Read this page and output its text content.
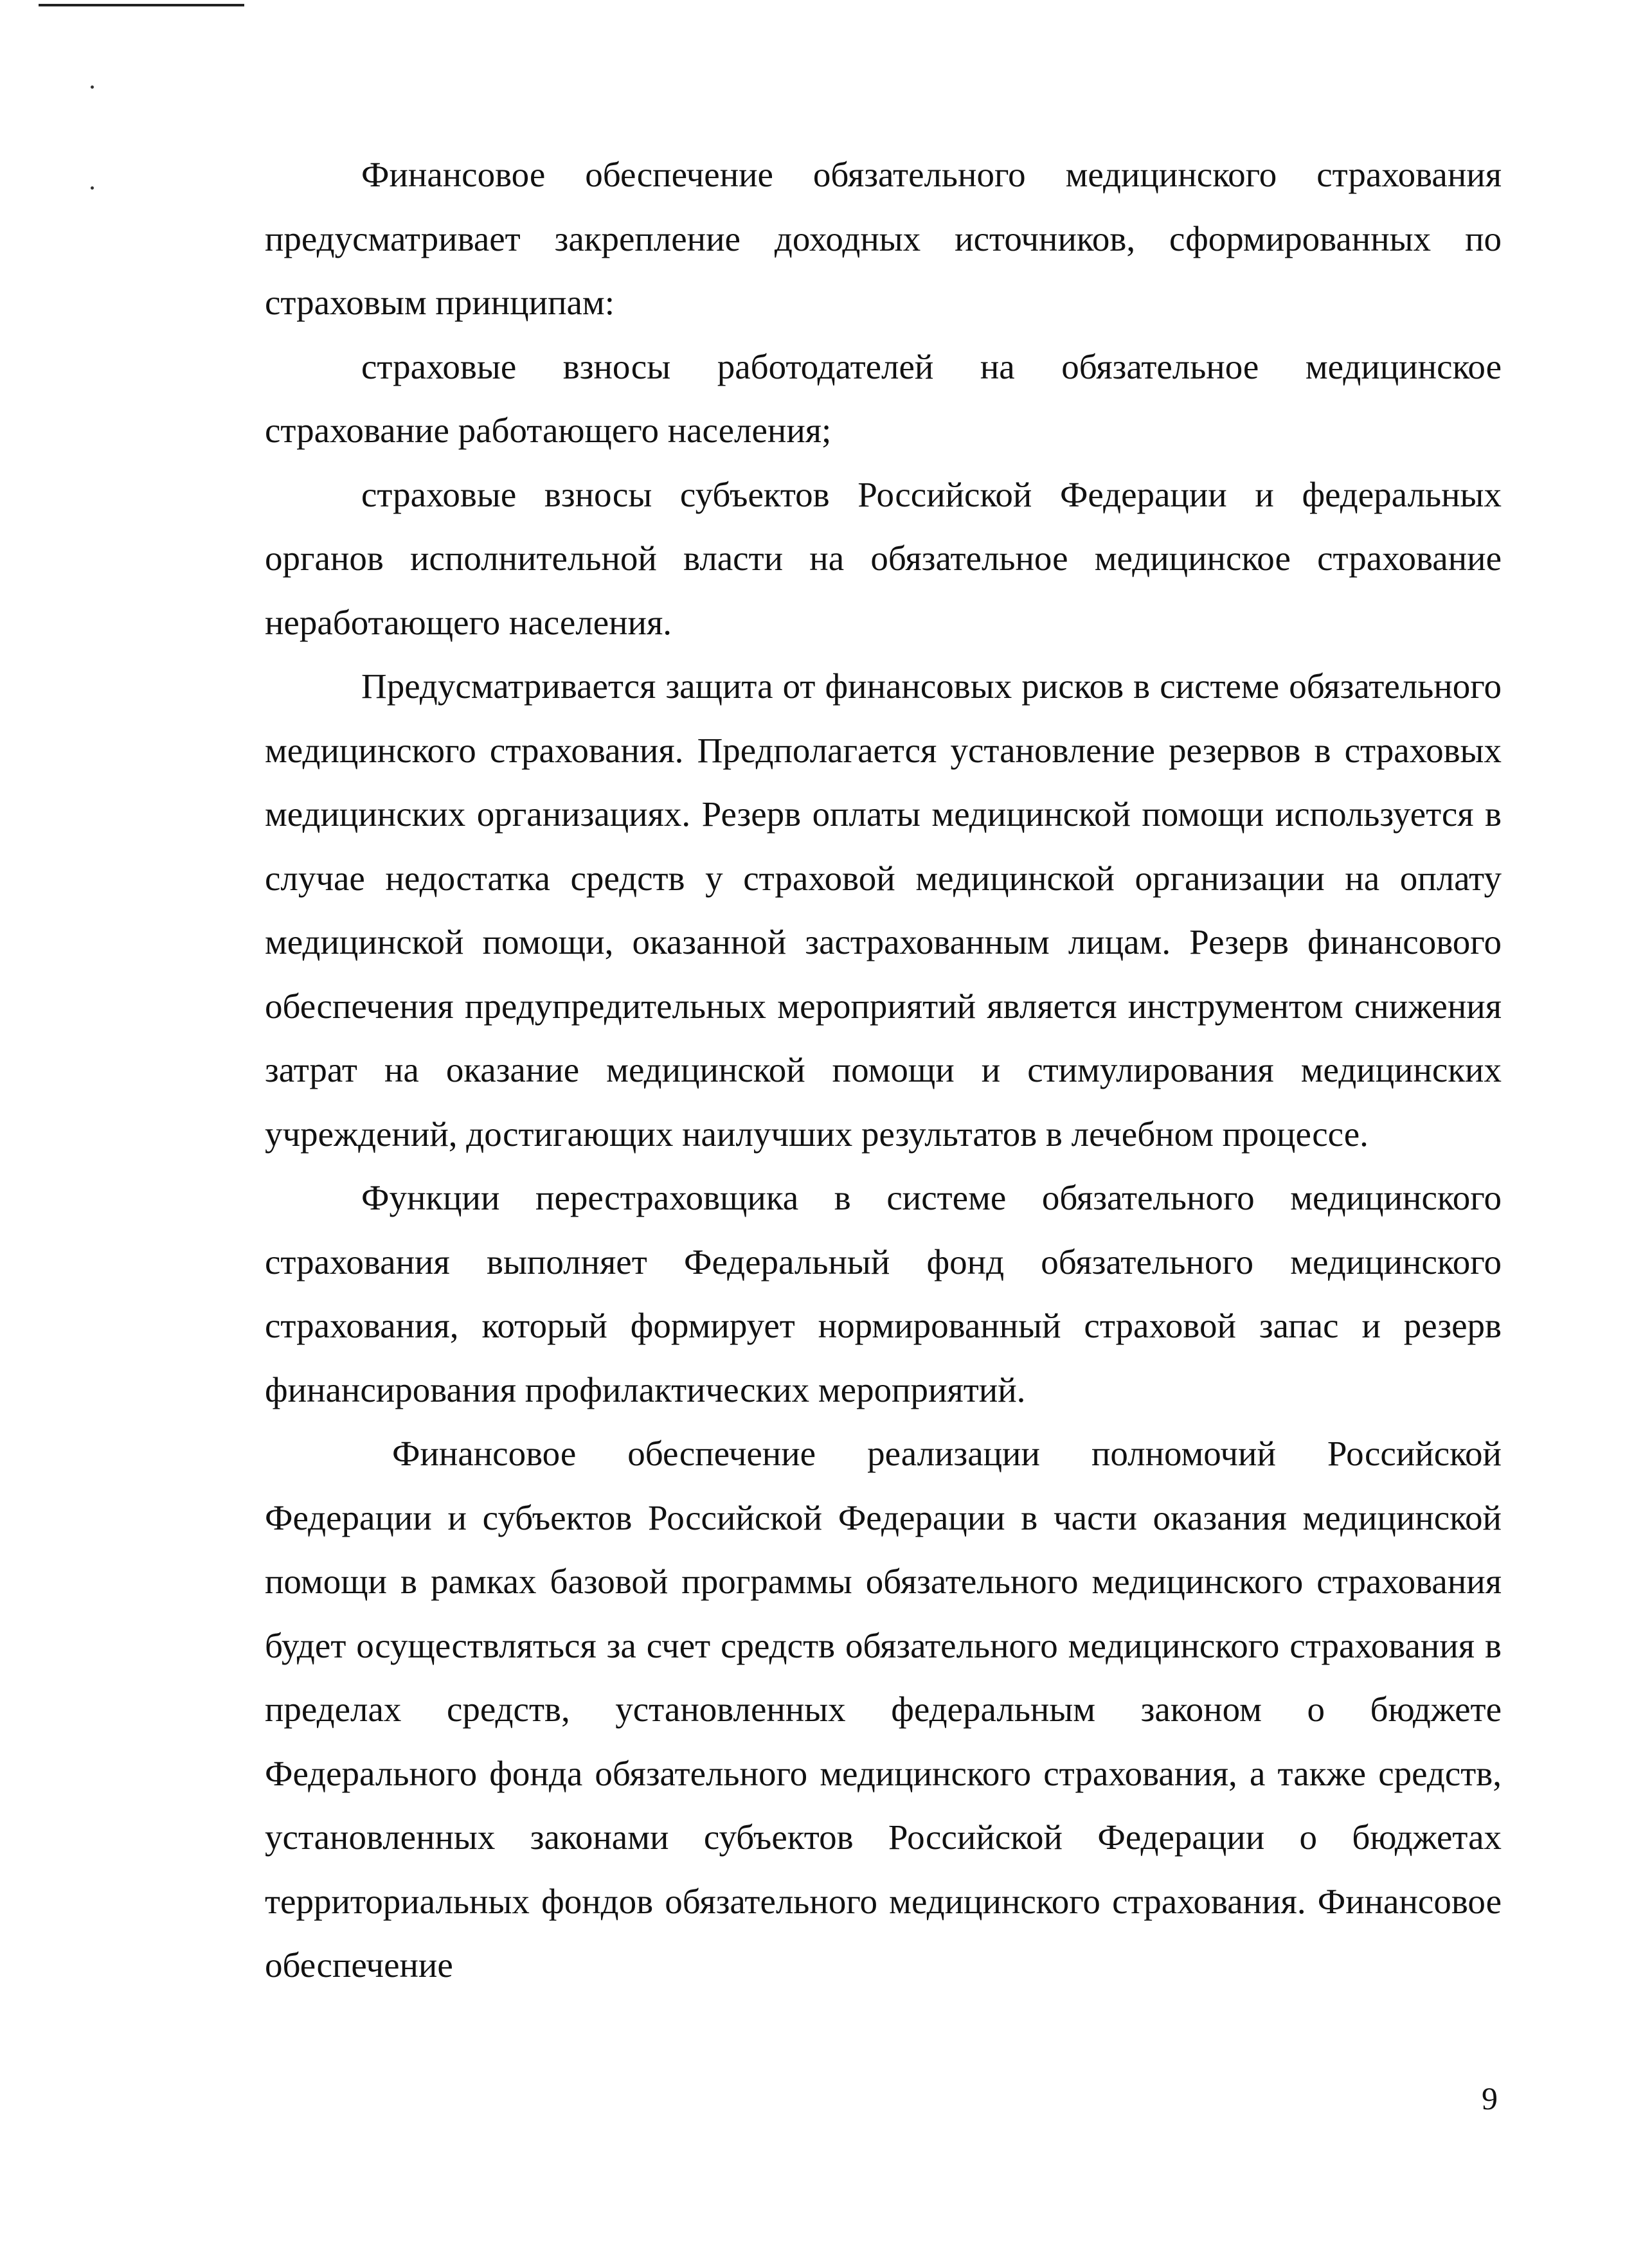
Финансовое обеспечение обязательного медицинского страхования предусматривает закрепление доходных источников, сформированных по страховым принципам:

страховые взносы работодателей на обязательное медицинское страхование работающего населения;

страховые взносы субъектов Российской Федерации и федеральных органов исполнительной власти на обязательное медицинское страхование неработающего населения.

Предусматривается защита от финансовых рисков в системе обязательного медицинского страхования. Предполагается установление резервов в страховых медицинских организациях. Резерв оплаты медицинской помощи используется в случае недостатка средств у страховой медицинской организации на оплату медицинской помощи, оказанной застрахованным лицам. Резерв финансового обеспечения предупредительных мероприятий является инструментом снижения затрат на оказание медицинской помощи и стимулирования медицинских учреждений, достигающих наилучших результатов в лечебном процессе.

Функции перестраховщика в системе обязательного медицинского страхования выполняет Федеральный фонд обязательного медицинского страхования, который формирует нормированный страховой запас и резерв финансирования профилактических мероприятий.

Финансовое обеспечение реализации полномочий Российской Федерации и субъектов Российской Федерации в части оказания медицинской помощи в рамках базовой программы обязательного медицинского страхования будет осуществляться за счет средств обязательного медицинского страхования в пределах средств, установленных федеральным законом о бюджете Федерального фонда обязательного медицинского страхования, а также средств, установленных законами субъектов Российской Федерации о бюджетах территориальных фондов обязательного медицинского страхования. Финансовое обеспечение

9
